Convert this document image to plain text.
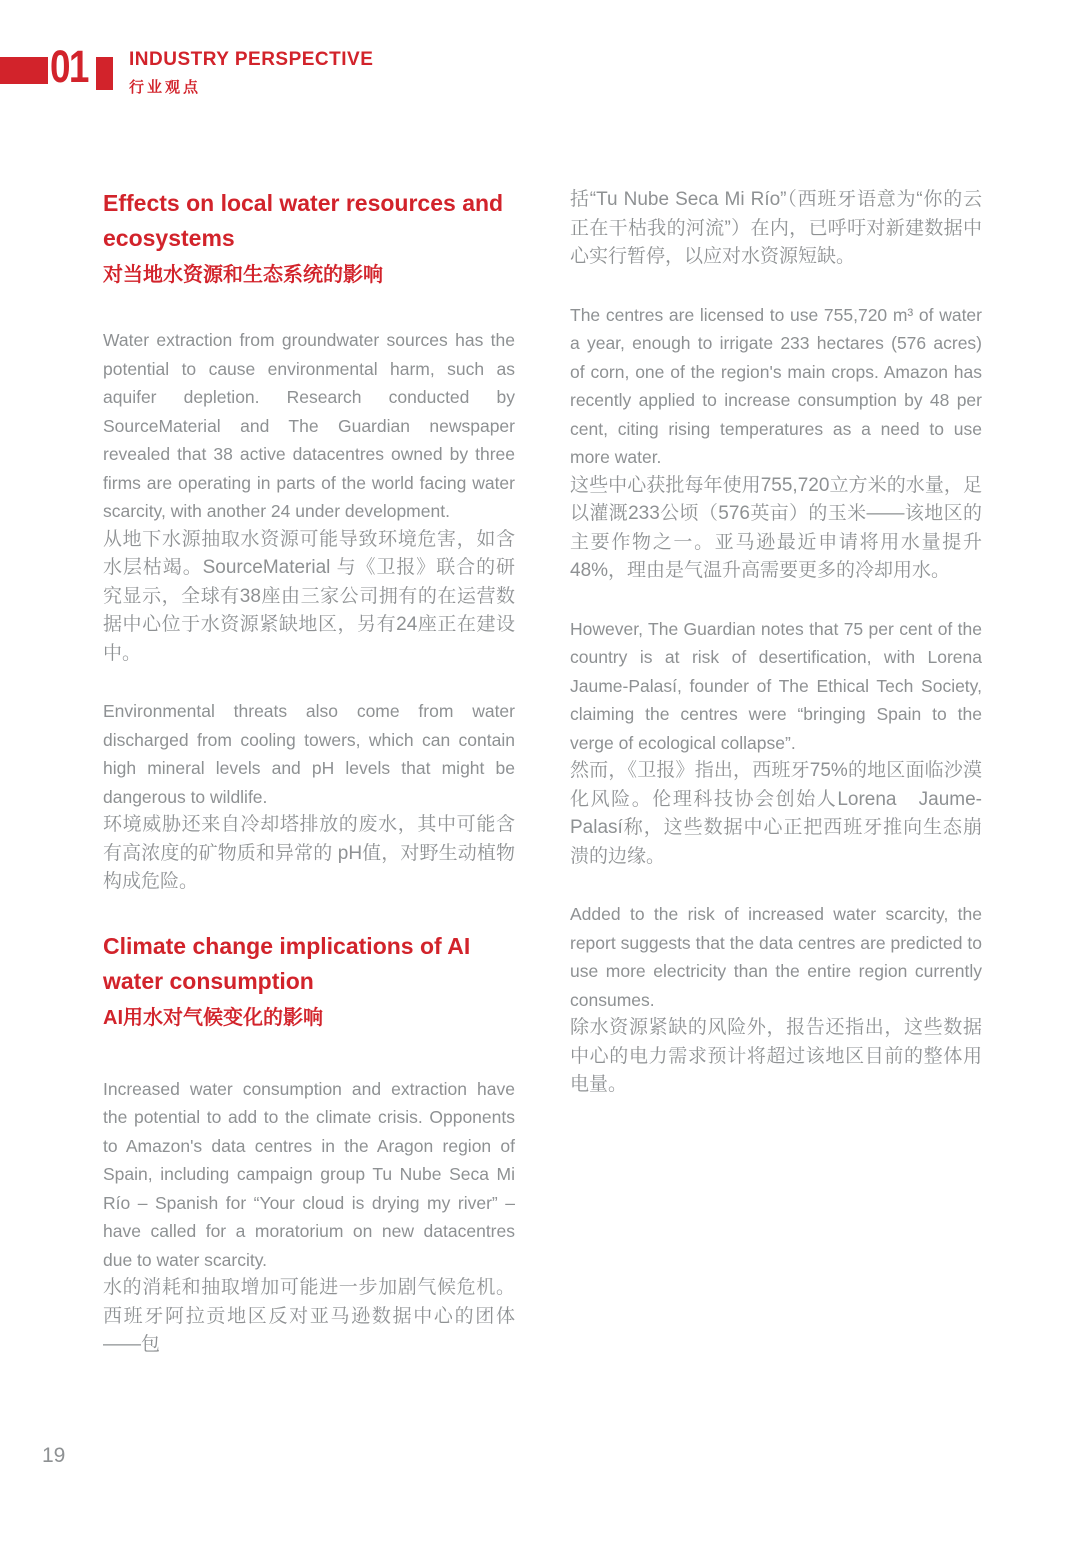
01 INDUSTRY PERSPECTIVE
行业观点
Effects on local water resources and ecosystems
对当地水资源和生态系统的影响

Water extraction from groundwater sources has the potential to cause environmental harm, such as aquifer depletion. Research conducted by SourceMaterial and The Guardian newspaper revealed that 38 active datacentres owned by three firms are operating in parts of the world facing water scarcity, with another 24 under development.

从地下水源抽取水资源可能导致环境危害，如含水层枯竭。SourceMaterial 与《卫报》联合的研究显示，全球有38座由三家公司拥有的在运营数据中心位于水资源紧缺地区，另有24座正在建设中。

Environmental threats also come from water discharged from cooling towers, which can contain high mineral levels and pH levels that might be dangerous to wildlife.

环境威胁还来自冷却塔排放的废水，其中可能含有高浓度的矿物质和异常的 pH值，对野生动植物构成危险。

Climate change implications of AI water consumption
AI用水对气候变化的影响

Increased water consumption and extraction have the potential to add to the climate crisis. Opponents to Amazon's data centres in the Aragon region of Spain, including campaign group Tu Nube Seca Mi Río – Spanish for “Your cloud is drying my river” – have called for a moratorium on new datacentres due to water scarcity.

水的消耗和抽取增加可能进一步加剧气候危机。西班牙阿拉贡地区反对亚马逊数据中心的团体——包

括“Tu Nube Seca Mi Río”（西班牙语意为“你的云正在干枯我的河流”）在内，已呼吁对新建数据中心实行暂停，以应对水资源短缺。

The centres are licensed to use 755,720 m³ of water a year, enough to irrigate 233 hectares (576 acres) of corn, one of the region's main crops. Amazon has recently applied to increase consumption by 48 per cent, citing rising temperatures as a need to use more water.

这些中心获批每年使用755,720立方米的水量，足以灌溉233公顷（576英亩）的玉米——该地区的主要作物之一。亚马逊最近申请将用水量提升48%，理由是气温升高需要更多的冷却用水。

However, The Guardian notes that 75 per cent of the country is at risk of desertification, with Lorena Jaume-Palasí, founder of The Ethical Tech Society, claiming the centres were “bringing Spain to the verge of ecological collapse”.

然而，《卫报》指出，西班牙75%的地区面临沙漠化风险。伦理科技协会创始人Lorena　Jaume-Palasí称，这些数据中心正把西班牙推向生态崩溃的边缘。

Added to the risk of increased water scarcity, the report suggests that the data centres are predicted to use more electricity than the entire region currently consumes.

除水资源紧缺的风险外，报告还指出，这些数据中心的电力需求预计将超过该地区目前的整体用电量。

19
